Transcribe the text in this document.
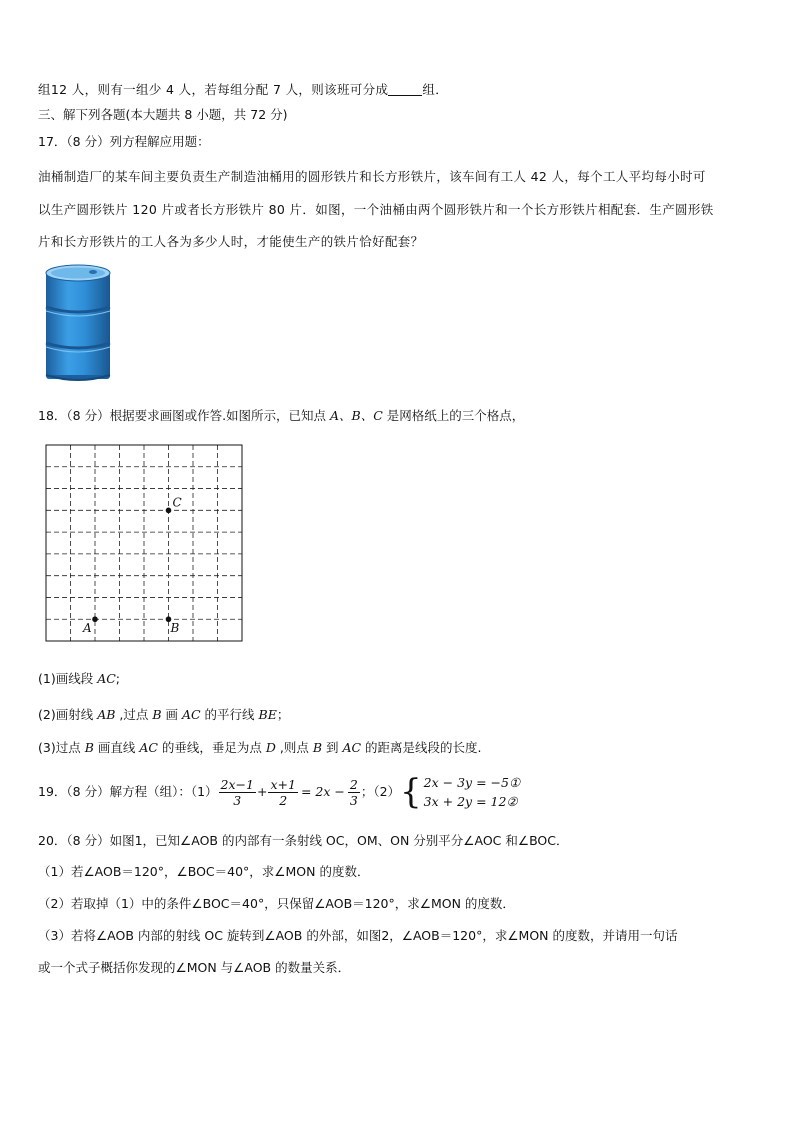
组12 人，则有一组少 4 人，若每组分配 7 人，则该班可分成	组．
三、解下列各题(本大题共 8 小题，共 72 分)
17．（8 分）列方程解应用题：
油桶制造厂的某车间主要负责生产制造油桶用的圆形铁片和长方形铁片，该车间有工人 42 人，每个工人平均每小时可
以生产圆形铁片 120 片或者长方形铁片 80 片．如图，一个油桶由两个圆形铁片和一个长方形铁片相配套．生产圆形铁
片和长方形铁片的工人各为多少人时，才能使生产的铁片恰好配套？
18．（8 分）根据要求画图或作答.如图所示，已知点 A、B、C 是网格纸上的三个格点，
A	B
C
(1)画线段 AC;
(2)画射线 AB ,过点 B 画 AC 的平行线 BE；
(3)过点 B 画直线 AC 的垂线，垂足为点 D ,则点 B 到 AC 的距离是线段的长度.
19．（8 分）解方程（组）：$(1) \frac{2x-1}{3} + \frac{x+1}{2} = 2x - \frac{2}{3}$ ；（2） { 2x − 3y = −5①
3x + 2y = 12②
20．（8 分）如图1，已知∠AOB 的内部有一条射线 OC，OM、ON 分别平分∠AOC 和∠BOC．
（1）若∠AOB＝120°，∠BOC＝40°，求∠MON 的度数．
（2）若取掉（1）中的条件∠BOC＝40°，只保留∠AOB＝120°，求∠MON 的度数．
（3）若将∠AOB 内部的射线 OC 旋转到∠AOB 的外部，如图2，∠AOB＝120°，求∠MON 的度数，并请用一句话
或一个式子概括你发现的∠MON 与∠AOB 的数量关系．
